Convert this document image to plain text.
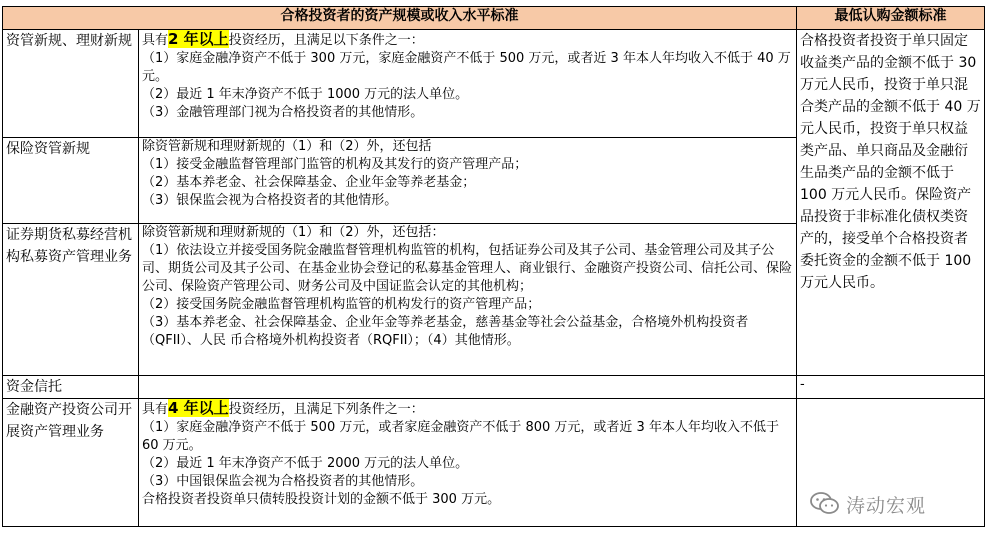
合格投资者的资产规模或收入水平标准		最低认购金额标准
资管新规、理财新规	具有2 年以上投资经历，且满足以下条件之一：
（1）家庭金融净资产不低于 300 万元，家庭金融资产不低于 500 万元，或者近 3 年本人年均收入不低于 40 万元。
（2）最近 1 年末净资产不低于 1000 万元的法人单位。
（3）金融管理部门视为合格投资者的其他情形。	合格投资者投资于单只固定收益类产品的金额不低于 30 万元人民币，投资于单只混合类产品的金额不低于 40 万元人民币，投资于单只权益类产品、单只商品及金融衍生品类产品的金额不低于 100 万元人民币。保险资产品投资于非标准化债权类资产的，接受单个合格投资者委托资金的金额不低于 100 万元人民币。
保险资管新规	除资管新规和理财新规的（1）和（2）外，还包括
（1）接受金融监督管理部门监管的机构及其发行的资产管理产品；
（2）基本养老金、社会保障基金、企业年金等养老基金；
（3）银保监会视为合格投资者的其他情形。	

证券期货私募经营机构私募资产管理业务	除资管新规和理财新规的（1）和（2）外，还包括：
（1）依法设立并接受国务院金融监督管理机构监管的机构，包括证券公司及其子公司、基金管理公司及其子公司、期货公司及其子公司、在基金业协会登记的私募基金管理人、商业银行、金融资产投资公司、信托公司、保险公司、保险资产管理公司、财务公司及中国证监会认定的其他机构；
（2）接受国务院金融监督管理机构监管的机构发行的资产管理产品；
（3）基本养老金、社会保障基金、企业年金等养老基金，慈善基金等社会公益基金，合格境外机构投资者（QFII）、人民 币合格境外机构投资者（RQFII）；（4）其他情形。	

资金信托		-
金融资产投资公司开展资产管理业务	具有4 年以上投资经历，且满足下列条件之一：
（1）家庭金融净资产不低于 500 万元，或者家庭金融资产不低于 800 万元，或者近 3 年本人年均收入不低于 60 万元。
（2）最近 1 年末净资产不低于 2000 万元的法人单位。
（3）中国银保监会视为合格投资者的其他情形。
合格投资者投资单只债转股投资计划的金额不低于 300 万元。	
		涛动宏观
